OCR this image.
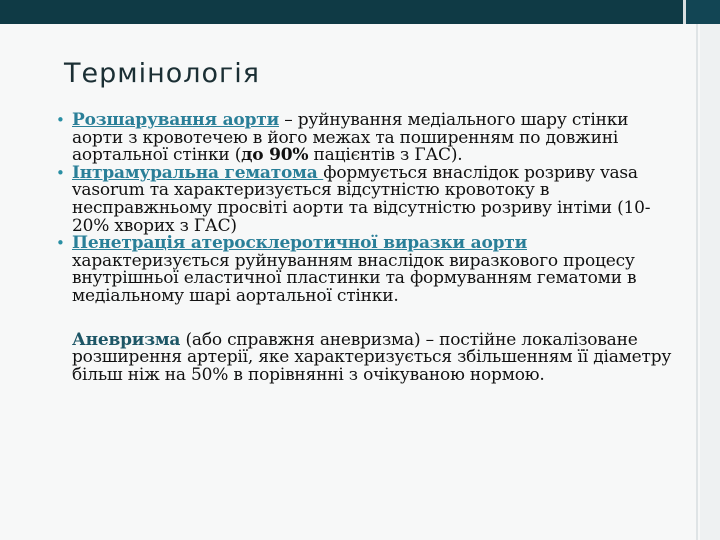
Термінологія

• Розшарування аорти – руйнування медіального шару стінки аорти з кровотечею в його межах та поширенням по довжині аортальної стінки (до 90% пацієнтів з ГАС).

• Інтрамуральна гематома формується внаслідок розриву vasa vasorum та характеризується відсутністю кровотоку в несправжньому просвіті аорти та відсутністю розриву інтіми (10-20% хворих з ГАС)

• Пенетрація атеросклеротичної виразки аорти характеризується руйнуванням внаслідок виразкового процесу внутрішньої еластичної пластинки та формуванням гематоми в медіальному шарі аортальної стінки.

Аневризма (або справжня аневризма) – постійне локалізоване розширення артерії, яке характеризується збільшенням її діаметру більш ніж на 50% в порівнянні з очікуваною нормою.
